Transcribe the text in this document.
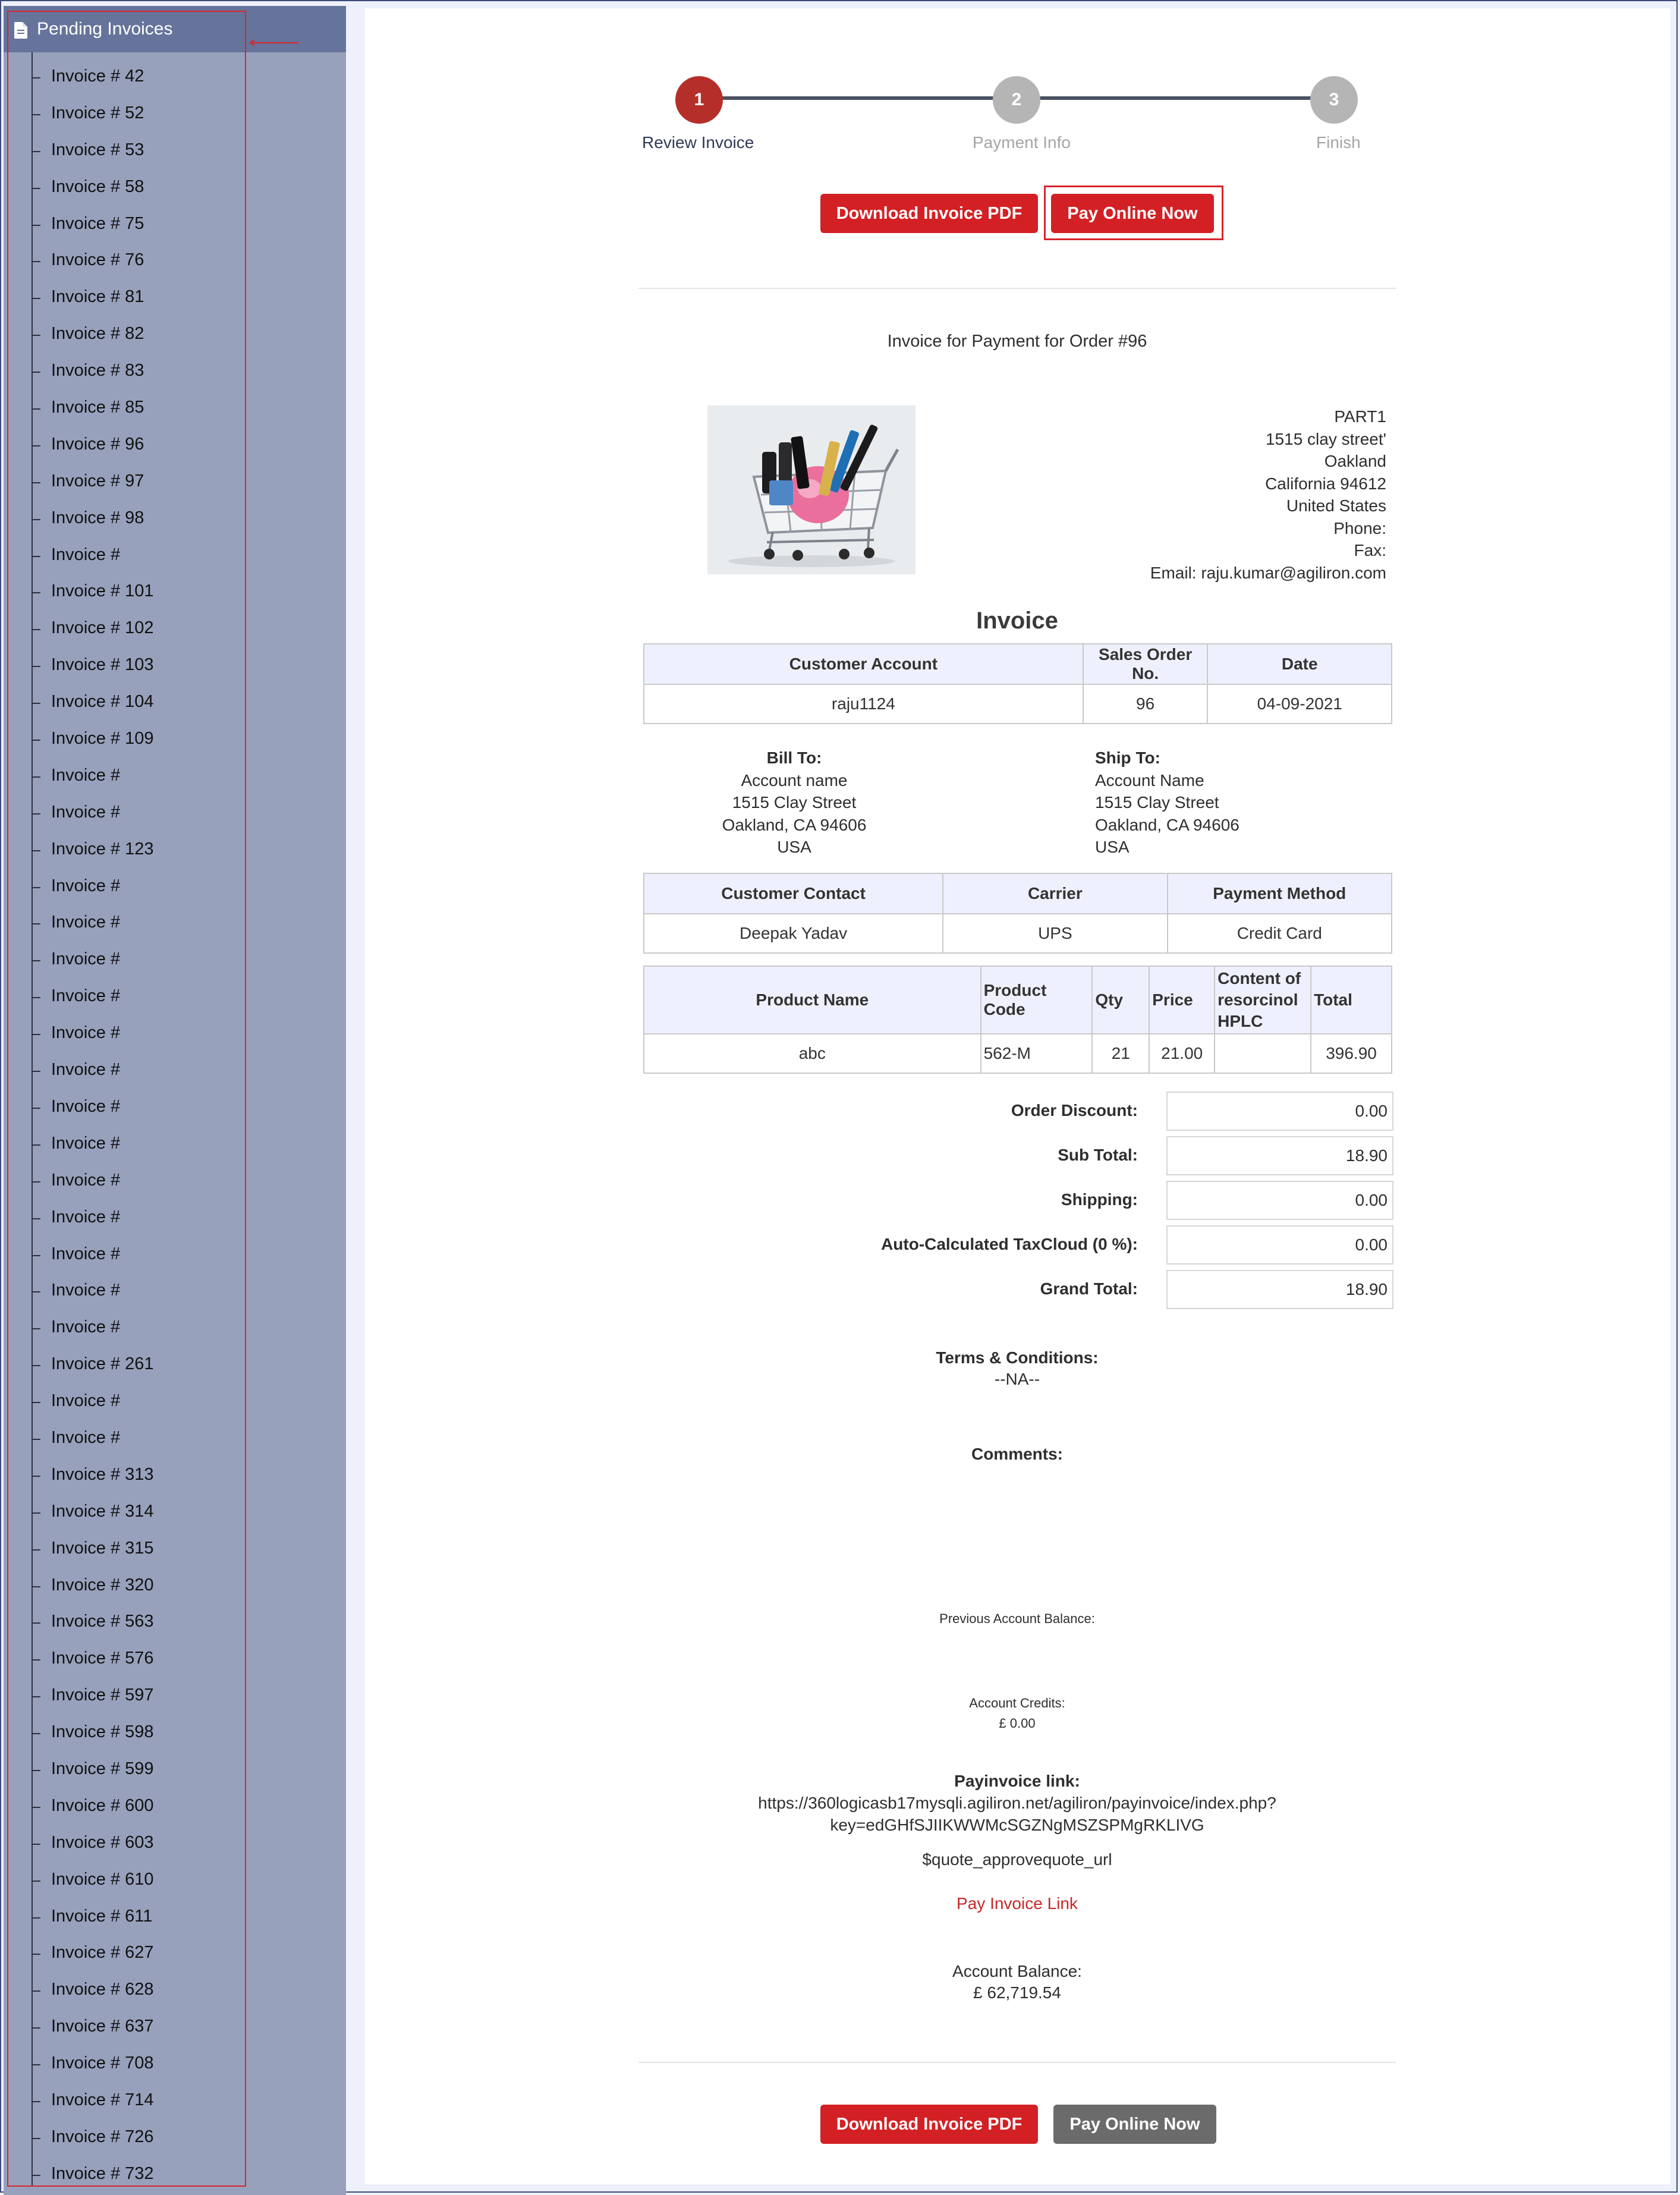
Pending Invoices
Invoice # 42
Invoice # 52
Invoice # 53
Invoice # 58
Invoice # 75
Invoice # 76
Invoice # 81
Invoice # 82
Invoice # 83
Invoice # 85
Invoice # 96
Invoice # 97
Invoice # 98
Invoice #
Invoice # 101
Invoice # 102
Invoice # 103
Invoice # 104
Invoice # 109
Invoice #
Invoice #
Invoice # 123
Invoice #
Invoice #
Invoice #
Invoice #
Invoice #
Invoice #
Invoice #
Invoice #
Invoice #
Invoice #
Invoice #
Invoice #
Invoice #
Invoice # 261
Invoice #
Invoice #
Invoice # 313
Invoice # 314
Invoice # 315
Invoice # 320
Invoice # 563
Invoice # 576
Invoice # 597
Invoice # 598
Invoice # 599
Invoice # 600
Invoice # 603
Invoice # 610
Invoice # 611
Invoice # 627
Invoice # 628
Invoice # 637
Invoice # 708
Invoice # 714
Invoice # 726
Invoice # 732
1	2	3
Review Invoice	Payment Info	Finish
Download Invoice PDF	Pay Online Now
Invoice for Payment for Order #96
PART1
1515 clay street'
Oakland
California 94612
United States
Phone:
Fax:
Email: raju.kumar@agiliron.com
Invoice
Customer Account	Sales Order No.	Date
raju1124	96	04-09-2021
Bill To:
Account name
1515 Clay Street
Oakland, CA 94606
USA
Ship To:
Account Name
1515 Clay Street
Oakland, CA 94606
USA
Customer Contact	Carrier	Payment Method
Deepak Yadav	UPS	Credit Card
Product Name	Product Code	Qty	Price	Content of resorcinol HPLC	Total
abc	562-M	21	21.00		396.90
Order Discount:	0.00
Sub Total:	18.90
Shipping:	0.00
Auto-Calculated TaxCloud (0 %):	0.00
Grand Total:	18.90
Terms & Conditions:
--NA--
Comments:
Previous Account Balance:
Account Credits:
£ 0.00
Payinvoice link:
https://360logicasb17mysqli.agiliron.net/agiliron/payinvoice/index.php?
key=edGHfSJIIKWWMcSGZNgMSZSPMgRKLIVG
$quote_approvequote_url
Pay Invoice Link
Account Balance:
£ 62,719.54
Download Invoice PDF	Pay Online Now
